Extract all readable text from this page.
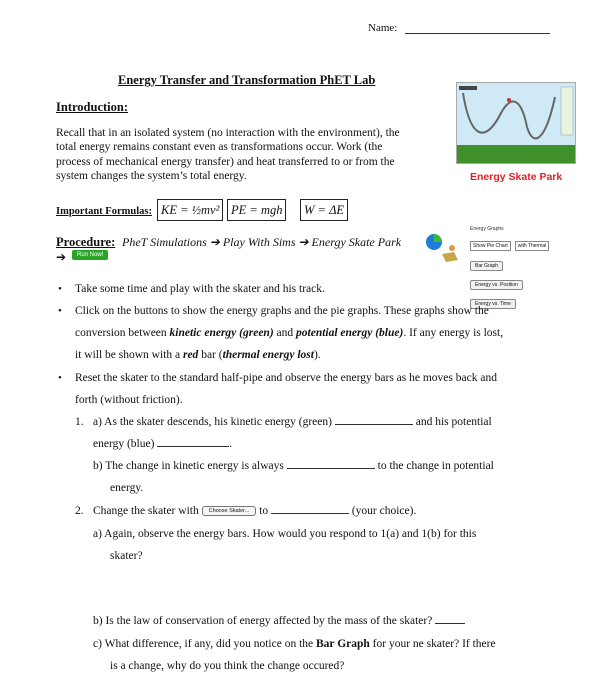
Name:
Energy Transfer and Transformation PhET Lab
Introduction:
Recall that in an isolated system (no interaction with the environment), the
total energy remains constant even as transformations occur. Work (the
process of mechanical energy transfer) and heat transferred to or from the
system changes the system’s total energy.	Energy Skate Park
Important Formulas: KE = ½mv² PE = mgh	W = ΔE
Procedure: PheT Simulations ➔ Play With Sims ➔ Energy Skate Park
➔	Run Now!
Energy Graphs
Show Pie Chart with Thermal
Bar Graph
Energy vs. Position
Energy vs. Time
• Take some time and play with the skater and his track.
• Click on the buttons to show the energy graphs and the pie graphs. These graphs show the
conversion between kinetic energy (green) and potential energy (blue). If any energy is lost,
it will be shown with a red bar (thermal energy lost).
• Reset the skater to the standard half-pipe and observe the energy bars as he moves back and
forth (without friction).
1. a) As the skater descends, his kinetic energy (green)	and his potential
energy (blue)	.
b) The change in kinetic energy is always	to the change in potential
energy.
2. Change the skater with Choose Skater... to	(your choice).
a) Again, observe the energy bars. How would you respond to 1(a) and 1(b) for this
skater?
b) Is the law of conservation of energy affected by the mass of the skater?
c) What difference, if any, did you notice on the Bar Graph for your ne skater? If there
is a change, why do you think the change occured?
